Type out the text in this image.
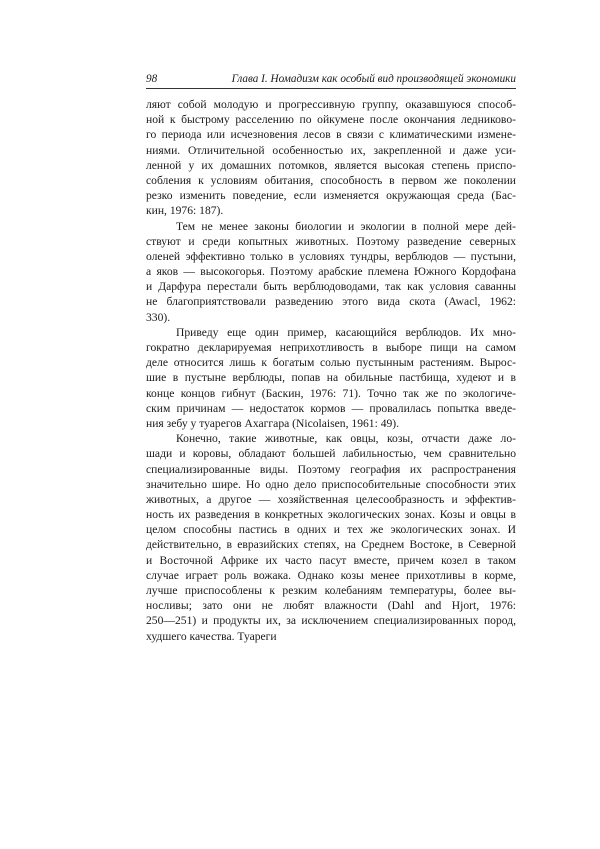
98	Глава I. Номадизм как особый вид производящей экономики
ляют собой молодую и прогрессивную группу, оказавшуюся способ-
ной к быстрому расселению по ойкумене после окончания ледниково-
го периода или исчезновения лесов в связи с климатическими измене-
ниями. Отличительной особенностью их, закрепленной и даже уси-
ленной у их домашних потомков, является высокая степень приспо-
собления к условиям обитания, способность в первом же поколении
резко изменить поведение, если изменяется окружающая среда (Бас-
кин, 1976: 187).
Тем не менее законы биологии и экологии в полной мере дей-
ствуют и среди копытных животных. Поэтому разведение северных
оленей эффективно только в условиях тундры, верблюдов — пустыни,
а яков — высокогорья. Поэтому арабские племена Южного Кордофана
и Дарфура перестали быть верблюдоводами, так как условия саванны
не благоприятствовали разведению этого вида скота (Awacl, 1962:
330).
Приведу еще один пример, касающийся верблюдов. Их мно-
гократно декларируемая неприхотливость в выборе пищи на самом
деле относится лишь к богатым солью пустынным растениям. Вырос-
шие в пустыне верблюды, попав на обильные пастбища, худеют и в
конце концов гибнут (Баскин, 1976: 71). Точно так же по экологиче-
ским причинам — недостаток кормов — провалилась попытка введе-
ния зебу у туарегов Ахаггара (Nicolaisen, 1961: 49).
Конечно, такие животные, как овцы, козы, отчасти даже ло-
шади и коровы, обладают большей лабильностью, чем сравнительно
специализированные виды. Поэтому география их распространения
значительно шире. Но одно дело приспособительные способности этих
животных, а другое — хозяйственная целесообразность и эффектив-
ность их разведения в конкретных экологических зонах. Козы и овцы в
целом способны пастись в одних и тех же экологических зонах. И
действительно, в евразийских степях, на Среднем Востоке, в Северной
и Восточной Африке их часто пасут вместе, причем козел в таком
случае играет роль вожака. Однако козы менее прихотливы в корме,
лучше приспособлены к резким колебаниям температуры, более вы-
носливы; зато они не любят влажности (Dahl and Hjort, 1976:
250—251) и продукты их, за исключением специализированных пород,
худшего качества. Туареги
